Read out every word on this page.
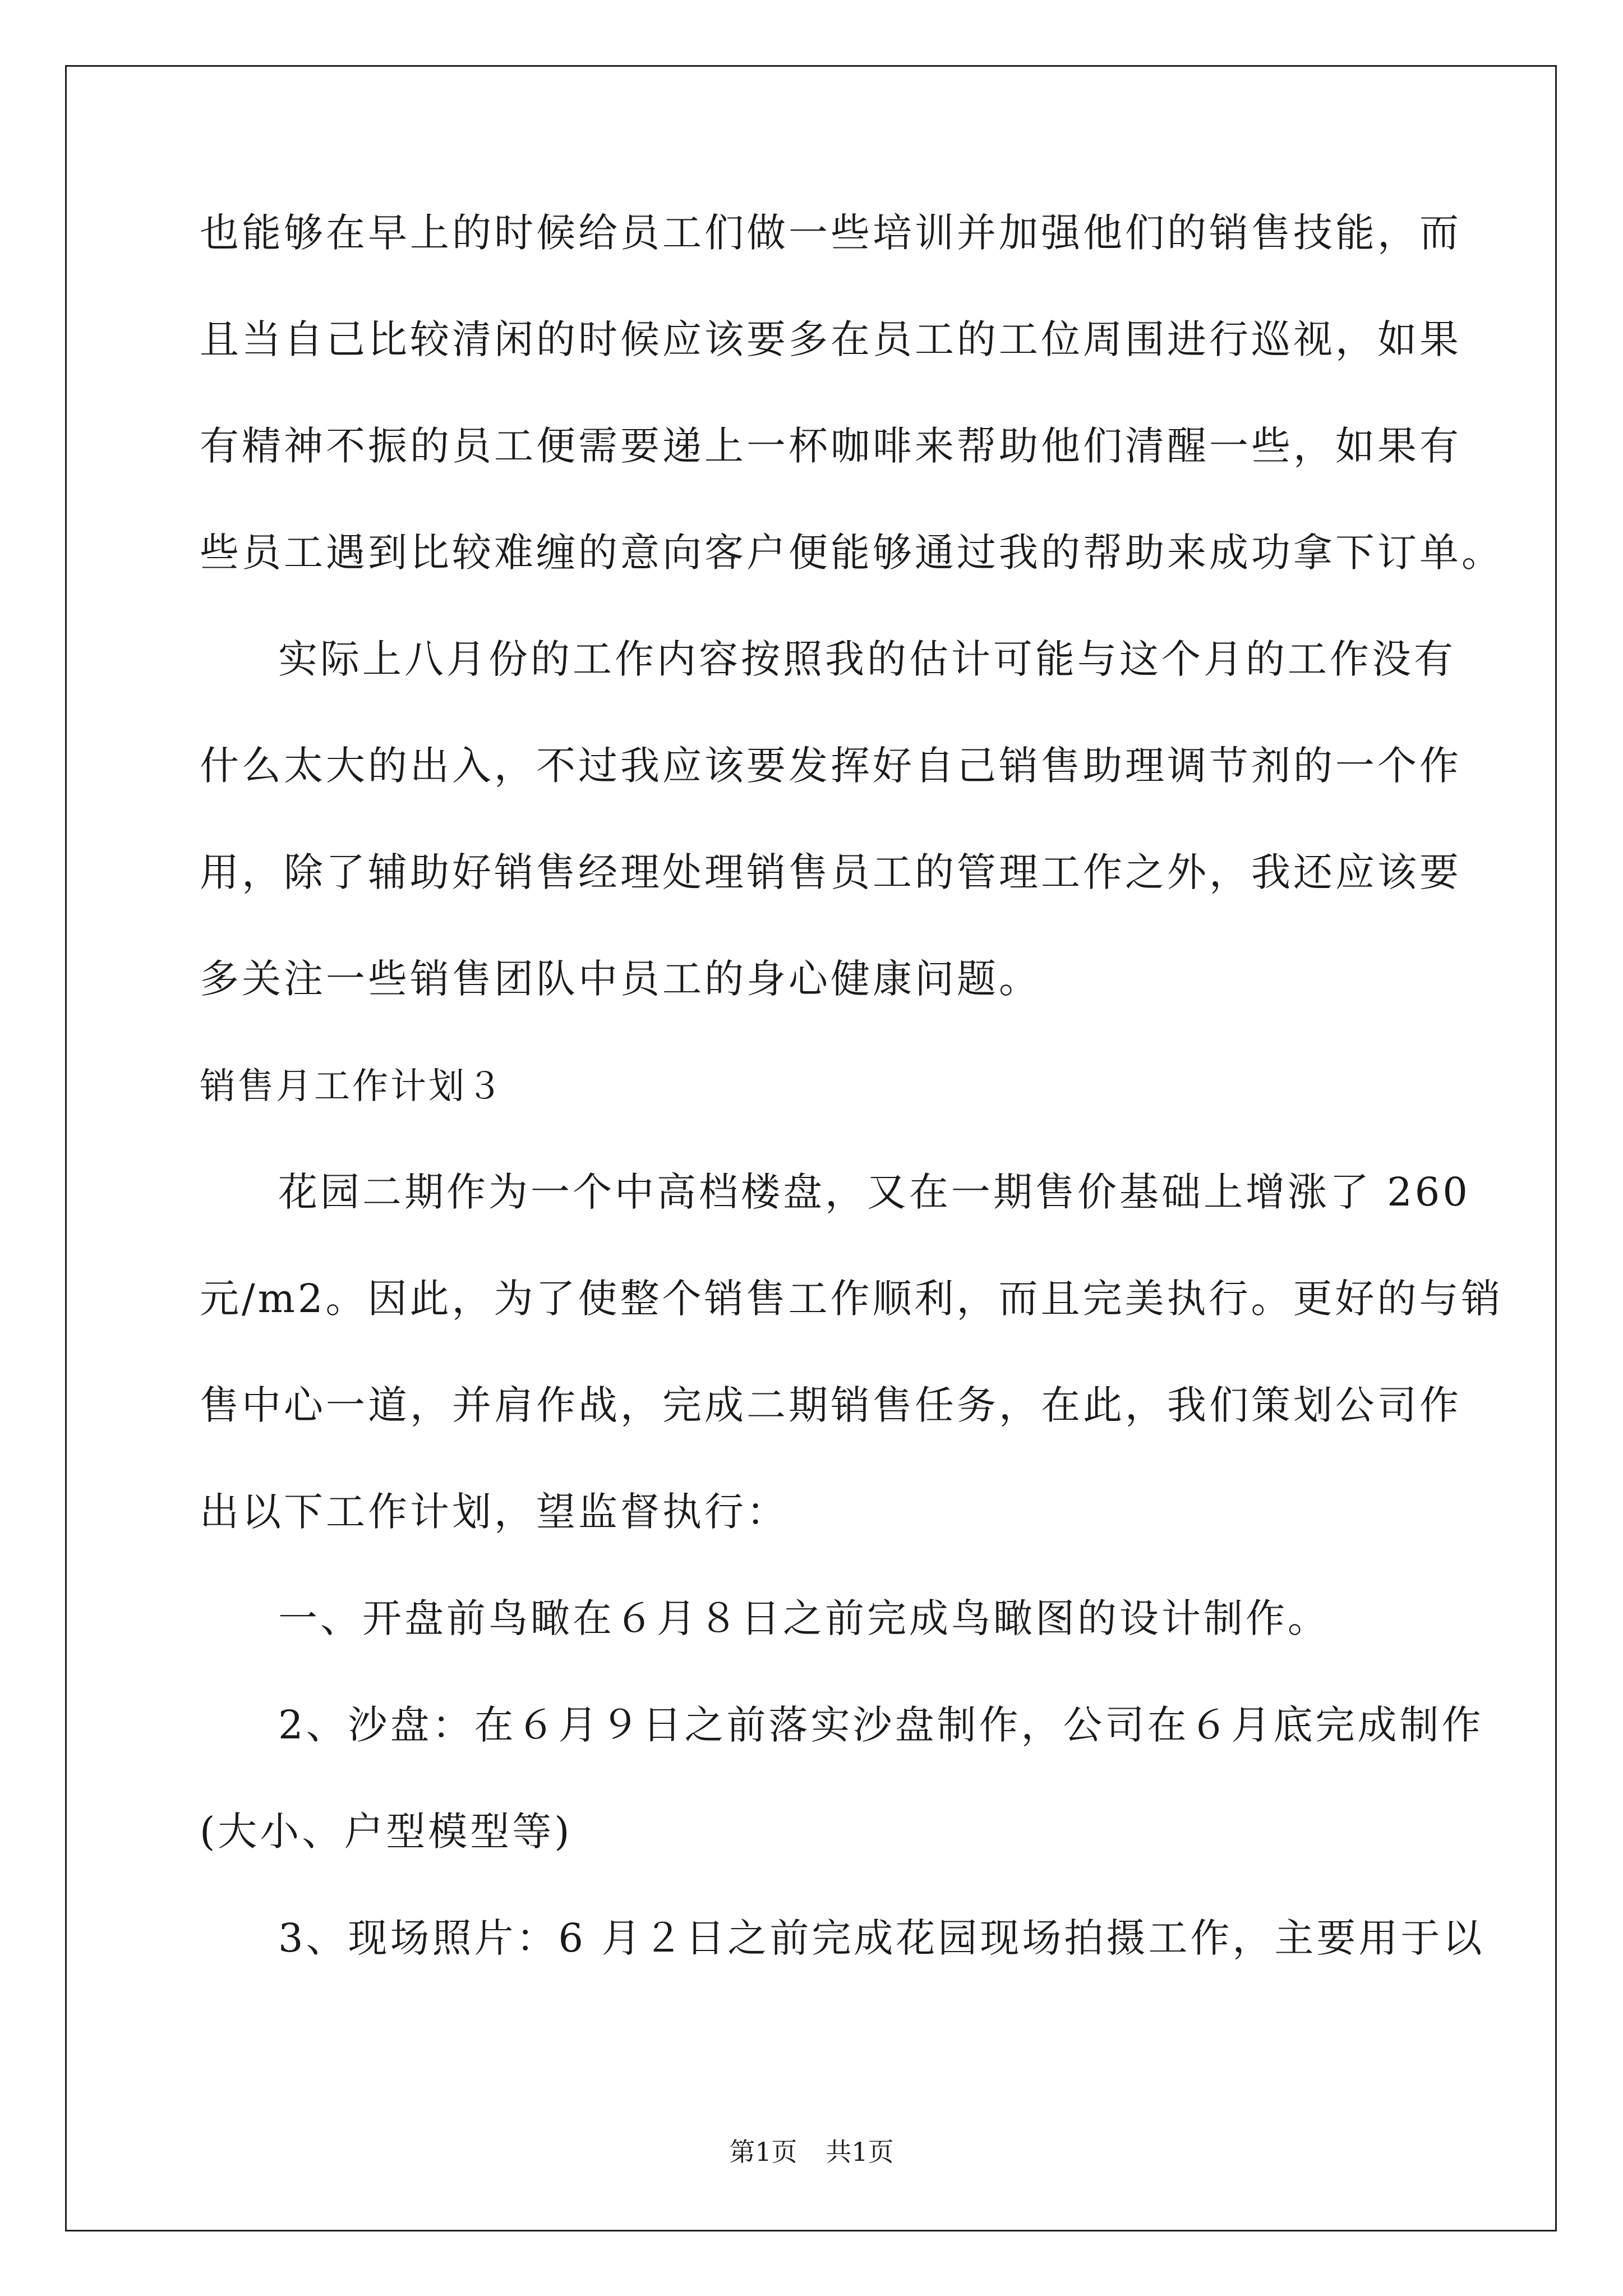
也能够在早上的时候给员工们做一些培训并加强他们的销售技能，而
且当自己比较清闲的时候应该要多在员工的工位周围进行巡视，如果
有精神不振的员工便需要递上一杯咖啡来帮助他们清醒一些，如果有
些员工遇到比较难缠的意向客户便能够通过我的帮助来成功拿下订单。
实际上八月份的工作内容按照我的估计可能与这个月的工作没有
什么太大的出入，不过我应该要发挥好自己销售助理调节剂的一个作
用，除了辅助好销售经理处理销售员工的管理工作之外，我还应该要
多关注一些销售团队中员工的身心健康问题。
销售月工作计划３
花园二期作为一个中高档楼盘，又在一期售价基础上增涨了 260
元/m2。因此，为了使整个销售工作顺利，而且完美执行。更好的与销
售中心一道，并肩作战，完成二期销售任务，在此，我们策划公司作
出以下工作计划，望监督执行：
一、开盘前鸟瞰在６月８日之前完成鸟瞰图的设计制作。
2、沙盘：在６月９日之前落实沙盘制作，公司在６月底完成制作
(大小、户型模型等)
3、现场照片：6 月２日之前完成花园现场拍摄工作，主要用于以
第1页 共1页
